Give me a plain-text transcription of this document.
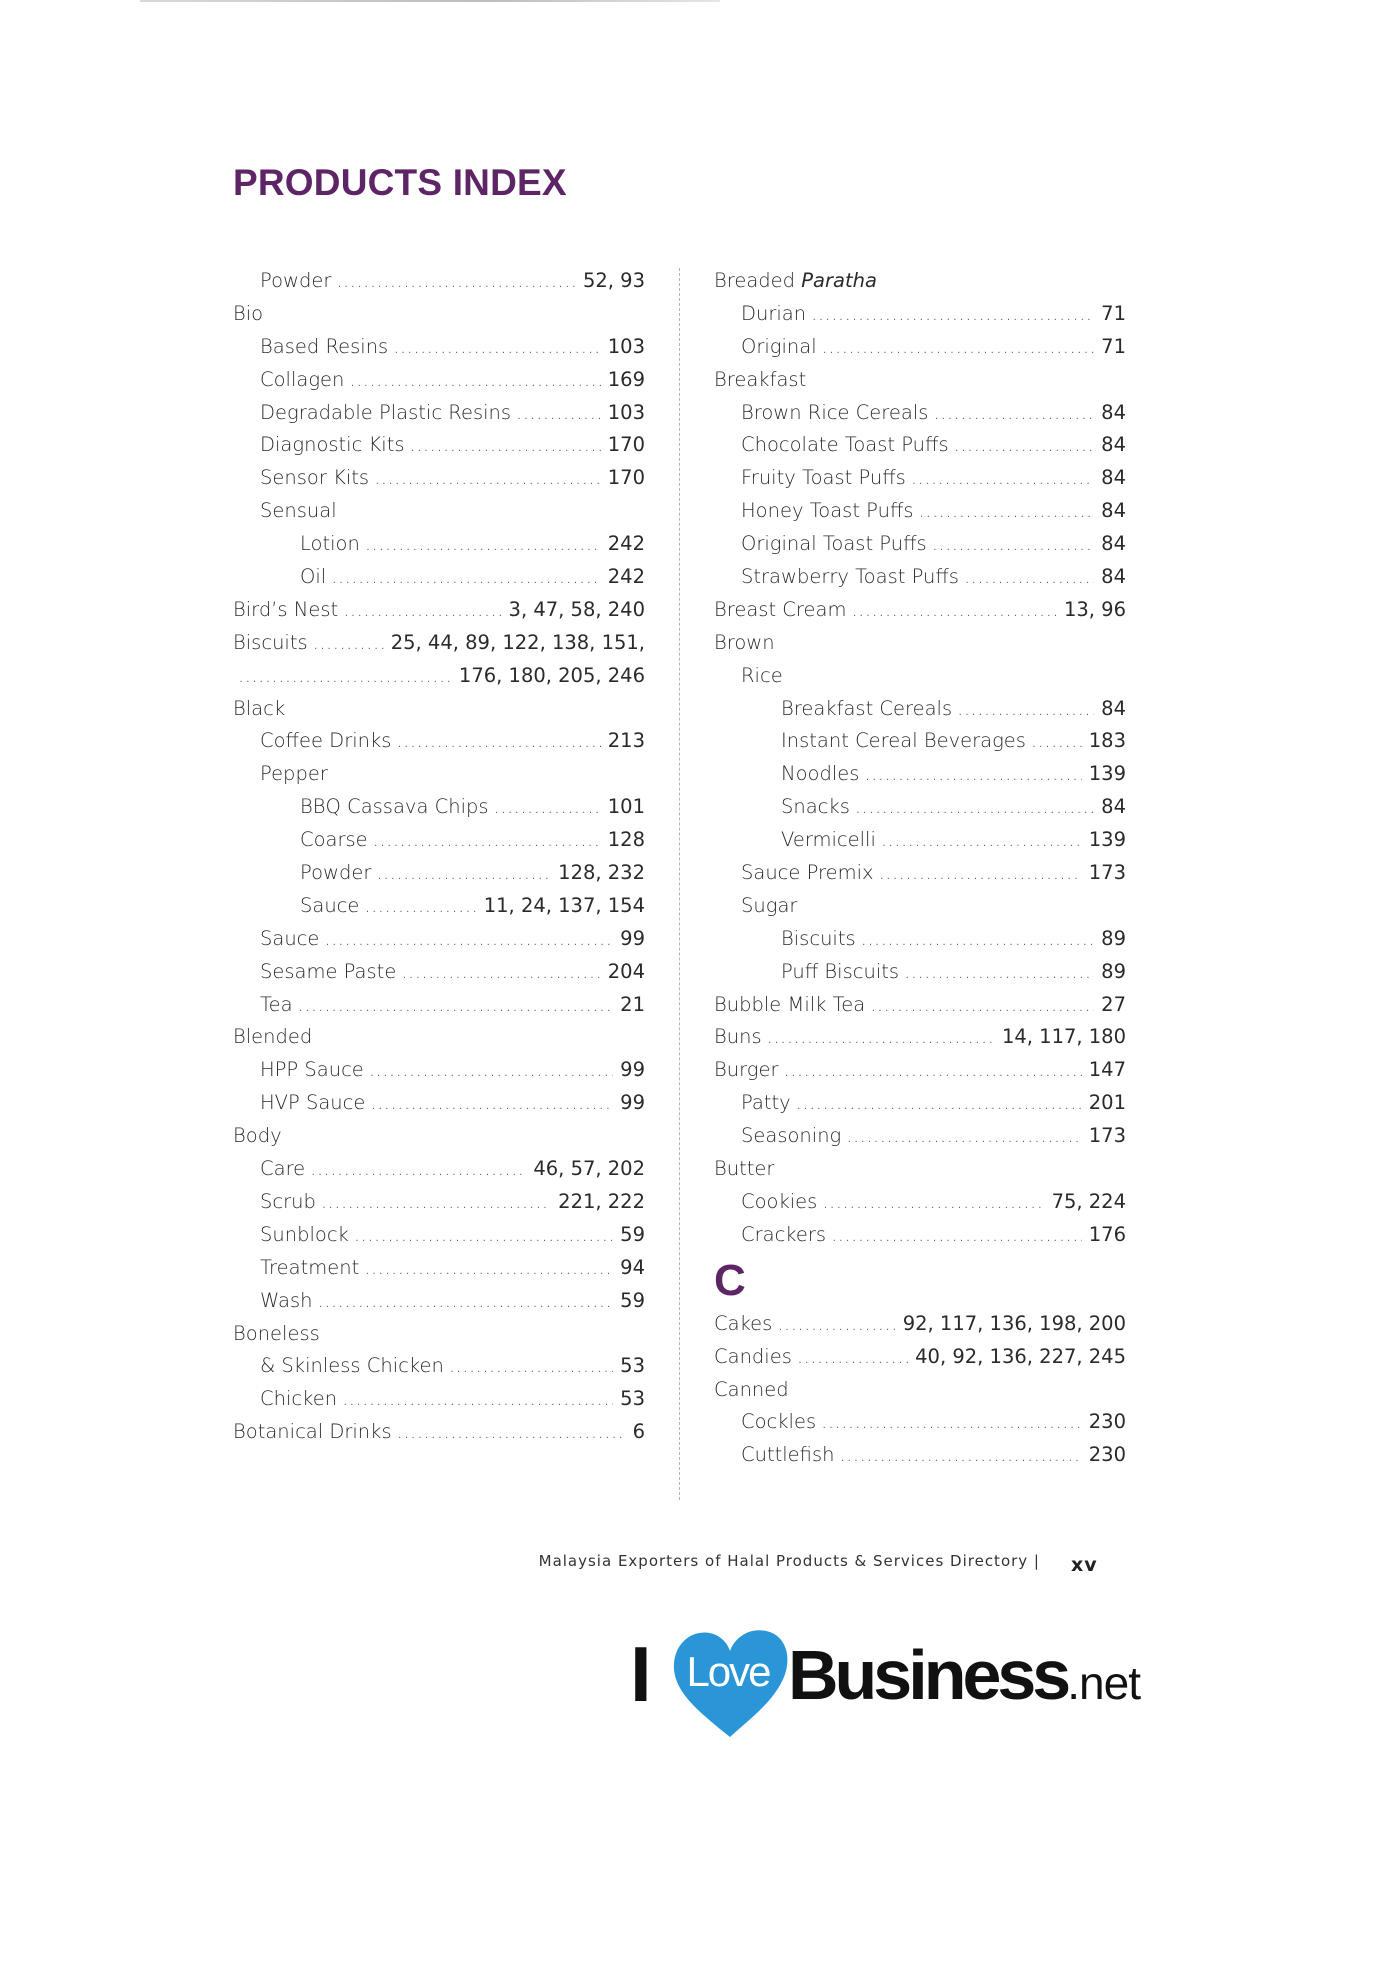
PRODUCTS INDEX
Powder .....	52, 93
Bio
Based Resins .....	103
Collagen .....	169
Degradable Plastic Resins .....	103
Diagnostic Kits .....	170
Sensor Kits .....	170
Sensual
Lotion .....	242
Oil .....	242
Bird’s Nest .....	3, 47, 58, 240
Biscuits .....	25, 44, 89, 122, 138, 151,
.....
176, 180, 205, 246
Black
Coffee Drinks .....	213
Pepper
BBQ Cassava Chips .....	101
Coarse .....	128
Powder .....	128, 232
Sauce .....	11, 24, 137, 154
Sauce .....	99
Sesame Paste .....	204
Tea .....	21
Blended
HPP Sauce .....	99
HVP Sauce .....	99
Body
Care .....	46, 57, 202
Scrub .....	221, 222
Sunblock .....	59
Treatment .....	94
Wash .....	59
Boneless
& Skinless Chicken .....	53
Chicken .....	53
Botanical Drinks .....	6
Breaded Paratha
Durian .....	71
Original .....	71
Breakfast
Brown Rice Cereals .....	84
Chocolate Toast Puffs .....	84
Fruity Toast Puffs .....	84
Honey Toast Puffs .....	84
Original Toast Puffs .....	84
Strawberry Toast Puffs .....	84
Breast Cream .....	13, 96
Brown
Rice
Breakfast Cereals .....	84
Instant Cereal Beverages .....	183
Noodles .....	139
Snacks .....	84
Vermicelli .....	139
Sauce Premix .....	173
Sugar
Biscuits .....	89
Puff Biscuits .....	89
Bubble Milk Tea .....	27
Buns .....	14, 117, 180
Burger .....	147
Patty .....	201
Seasoning .....	173
Butter
Cookies .....	75, 224
Crackers .....	176
C
Cakes .....	92, 117, 136, 198, 200
Candies .....	40, 92, 136, 227, 245
Canned
Cockles .....	230
Cuttlefish .....	230
Malaysia Exporters of Halal Products & Services Directory | xv
I Love Business.net
